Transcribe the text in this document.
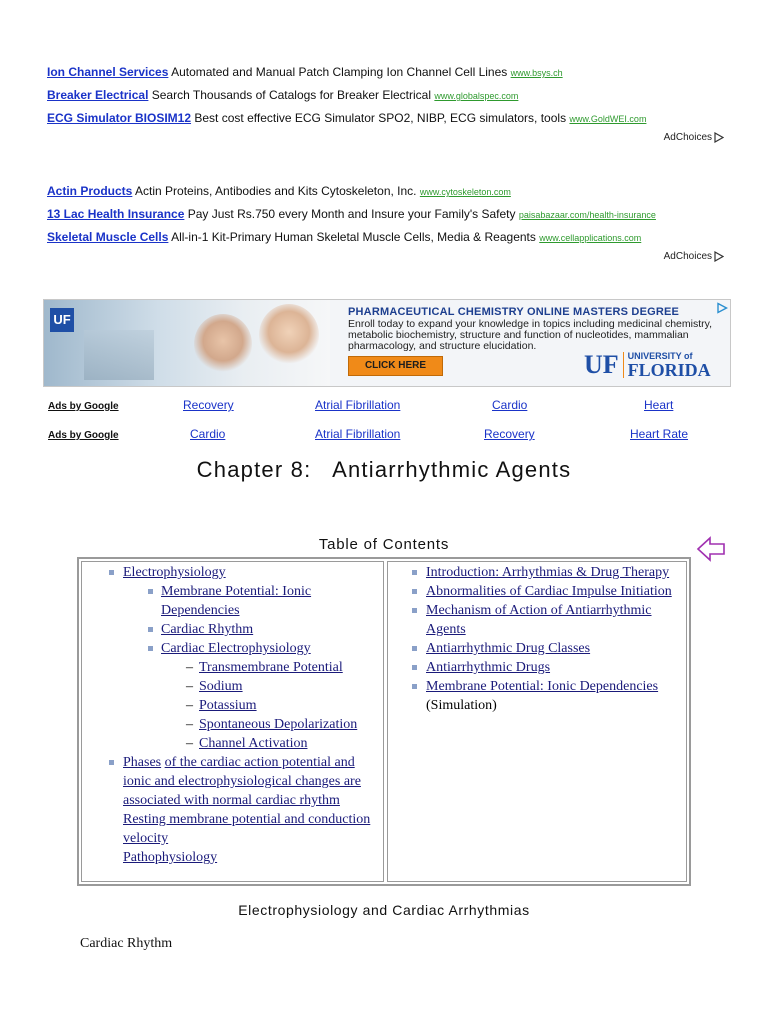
Ion Channel Services Automated and Manual Patch Clamping Ion Channel Cell Lines www.bsys.ch
Breaker Electrical Search Thousands of Catalogs for Breaker Electrical www.globalspec.com
ECG Simulator BIOSIM12 Best cost effective ECG Simulator SPO2, NIBP, ECG simulators, tools www.GoldWEI.com
AdChoices
Actin Products Actin Proteins, Antibodies and Kits Cytoskeleton, Inc. www.cytoskeleton.com
13 Lac Health Insurance Pay Just Rs.750 every Month and Insure your Family's Safety paisabazaar.com/health-insurance
Skeletal Muscle Cells All-in-1 Kit-Primary Human Skeletal Muscle Cells, Media & Reagents www.cellapplications.com
AdChoices
UF	PHARMACEUTICAL CHEMISTRY ONLINE MASTERS DEGREE
Enroll today to expand your knowledge in topics including medicinal chemistry, metabolic biochemistry, structure and function of nucleotides, mammalian pharmacology, and structure elucidation.
CLICK HERE	UF UNIVERSITY of
FLORIDA
Ads by Google	Recovery	Atrial Fibrillation	Cardio	Heart
Ads by Google	Cardio	Atrial Fibrillation	Recovery	Heart Rate
Chapter 8:   Antiarrhythmic Agents
Table of Contents
Electrophysiology
Membrane Potential: Ionic
Dependencies
Cardiac Rhythm
Cardiac Electrophysiology
– Transmembrane Potential
– Sodium
– Potassium
– Spontaneous Depolarization
– Channel Activation
Phases of the cardiac action potential and
ionic and electrophysiological changes are
associated with normal cardiac rhythm
Resting membrane potential and conduction
velocity
Pathophysiology
Introduction: Arrhythmias & Drug Therapy
Abnormalities of Cardiac Impulse Initiation
Mechanism of Action of Antiarrhythmic
Agents
Antiarrhythmic Drug Classes
Antiarrhythmic Drugs
Membrane Potential: Ionic Dependencies
(Simulation)
Electrophysiology and Cardiac Arrhythmias
Cardiac Rhythm
